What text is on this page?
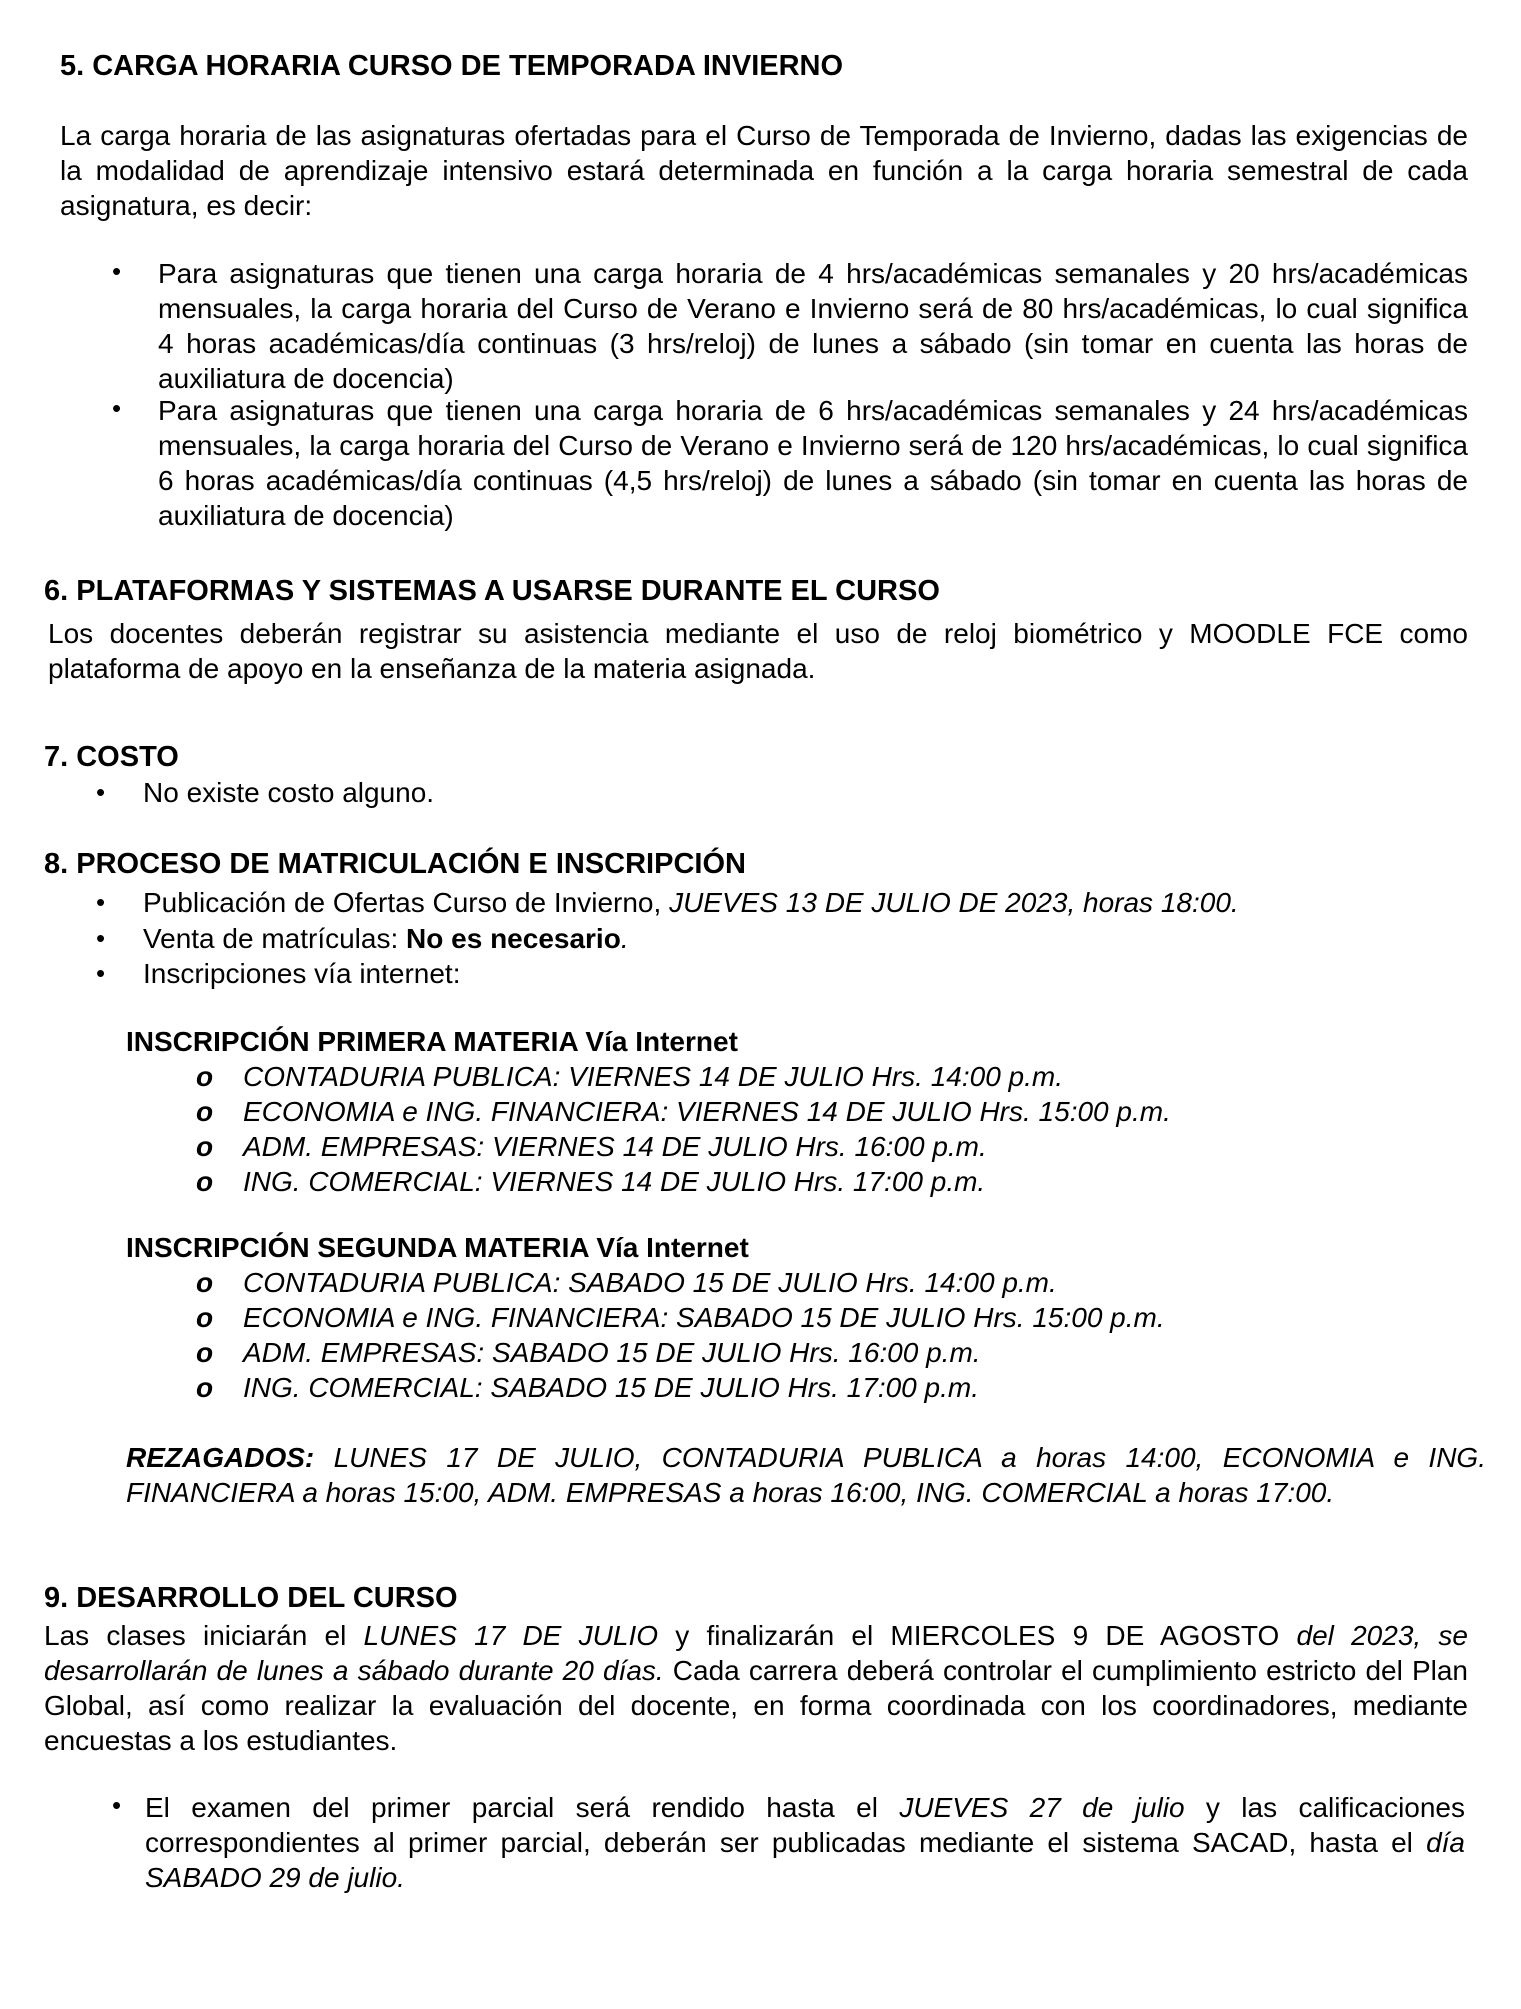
5. CARGA HORARIA CURSO DE TEMPORADA INVIERNO
La carga horaria de las asignaturas ofertadas para el Curso de Temporada de Invierno, dadas las exigencias de la modalidad de aprendizaje intensivo estará determinada en función a la carga horaria semestral de cada asignatura, es decir:
• Para asignaturas que tienen una carga horaria de 4 hrs/académicas semanales y 20 hrs/académicas mensuales, la carga horaria del Curso de Verano e Invierno será de 80 hrs/académicas, lo cual significa 4 horas académicas/día continuas (3 hrs/reloj) de lunes a sábado (sin tomar en cuenta las horas de auxiliatura de docencia)
• Para asignaturas que tienen una carga horaria de 6 hrs/académicas semanales y 24 hrs/académicas mensuales, la carga horaria del Curso de Verano e Invierno será de 120 hrs/académicas, lo cual significa 6 horas académicas/día continuas (4,5 hrs/reloj) de lunes a sábado (sin tomar en cuenta las horas de auxiliatura de docencia)
6. PLATAFORMAS Y SISTEMAS A USARSE DURANTE EL CURSO
Los docentes deberán registrar su asistencia mediante el uso de reloj biométrico y MOODLE FCE como plataforma de apoyo en la enseñanza de la materia asignada.
7. COSTO
• No existe costo alguno.
8. PROCESO DE MATRICULACIÓN E INSCRIPCIÓN
• Publicación de Ofertas Curso de Invierno, JUEVES 13 DE JULIO DE 2023, horas 18:00.
• Venta de matrículas: No es necesario.
• Inscripciones vía internet:
INSCRIPCIÓN PRIMERA MATERIA Vía Internet
o CONTADURIA PUBLICA: VIERNES 14 DE JULIO Hrs. 14:00 p.m.
o ECONOMIA e ING. FINANCIERA: VIERNES 14 DE JULIO Hrs. 15:00 p.m.
o ADM. EMPRESAS: VIERNES 14 DE JULIO Hrs. 16:00 p.m.
o ING. COMERCIAL: VIERNES 14 DE JULIO Hrs. 17:00 p.m.
INSCRIPCIÓN SEGUNDA MATERIA Vía Internet
o CONTADURIA PUBLICA: SABADO 15 DE JULIO Hrs. 14:00 p.m.
o ECONOMIA e ING. FINANCIERA: SABADO 15 DE JULIO Hrs. 15:00 p.m.
o ADM. EMPRESAS: SABADO 15 DE JULIO Hrs. 16:00 p.m.
o ING. COMERCIAL: SABADO 15 DE JULIO Hrs. 17:00 p.m.
REZAGADOS: LUNES 17 DE JULIO, CONTADURIA PUBLICA a horas 14:00, ECONOMIA e ING. FINANCIERA a horas 15:00, ADM. EMPRESAS a horas 16:00, ING. COMERCIAL a horas 17:00.
9. DESARROLLO DEL CURSO
Las clases iniciarán el LUNES 17 DE JULIO y finalizarán el MIERCOLES 9 DE AGOSTO del 2023, se desarrollarán de lunes a sábado durante 20 días. Cada carrera deberá controlar el cumplimiento estricto del Plan Global, así como realizar la evaluación del docente, en forma coordinada con los coordinadores, mediante encuestas a los estudiantes.
• El examen del primer parcial será rendido hasta el JUEVES 27 de julio y las calificaciones correspondientes al primer parcial, deberán ser publicadas mediante el sistema SACAD, hasta el día SABADO 29 de julio.
